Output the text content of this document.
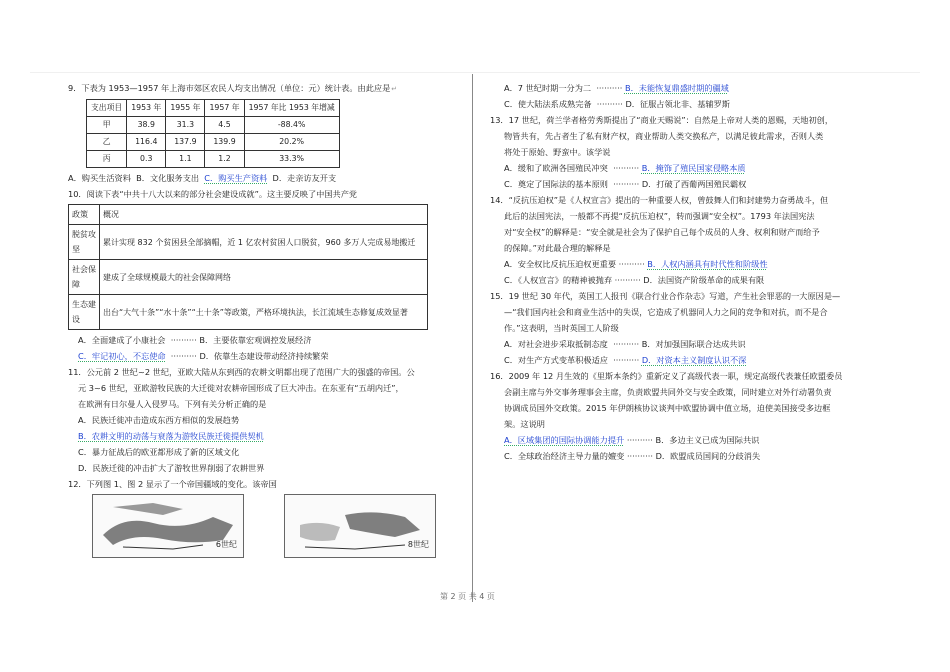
9．下表为 1953—1957 年上海市郊区农民人均支出情况（单位：元）统计表。由此应是↵
支出项目	1953 年	1955 年	1957 年	1957 年比 1953 年增减
甲	38.9	31.3	4.5	-88.4%
乙	116.4	137.9	139.9	20.2%
丙	0.3	1.1	1.2	33.3%
A．购买生活资料 B．文化服务支出 C．购买生产资料 D．走亲访友开支
10．阅读下表“中共十八大以来的部分社会建设成就”。这主要反映了中国共产党
政策	概况
脱贫攻坚	累计实现 832 个贫困县全部摘帽，近 1 亿农村贫困人口脱贫，960 多万人完成易地搬迁
社会保障	建成了全球规模最大的社会保障网络
生态建设	出台“大气十条”“水十条”“土十条”等政策，严格环境执法，长江流域生态修复成效显著
A．全面建成了小康社会  ·········· B．主要依靠宏观调控发展经济
C．牢记初心，不忘使命  ·········· D．依靠生态建设带动经济持续繁荣
11．公元前 2 世纪~2 世纪，亚欧大陆从东到西的农耕文明都出现了范围广大的强盛的帝国。公
元 3~6 世纪，亚欧游牧民族的大迁徙对农耕帝国形成了巨大冲击。在东亚有“五胡内迁”，
在欧洲有日尔曼人入侵罗马。下列有关分析正确的是
A．民族迁徙冲击造成东西方相似的发展趋势
B．农耕文明的动荡与衰落为游牧民族迁徙提供契机
C．暴力征战后的欧亚都形成了新的区域文化
D．民族迁徙的冲击扩大了游牧世界削弱了农耕世界
12．下列图 1、图 2 显示了一个帝国疆域的变化。该帝国
6世纪	8世纪
A．7 世纪时期一分为二  ·········· B．未能恢复鼎盛时期的疆域
C．使大陆法系成熟完备  ·········· D．征服占领北非、基辅罗斯
13．17 世纪，荷兰学者格劳秀斯提出了“商业天赐说”：自然是上帝对人类的恩赐，天地初创，
物皆共有，先占者生了私有财产权，商业帮助人类交换私产，以满足彼此需求，否则人类
将处于原始、野蛮中。该学说
A．缓和了欧洲各国殖民冲突  ·········· B．掩饰了殖民国家侵略本质
C．奠定了国际法的基本原则  ·········· D．打破了西葡两国殖民霸权
14．“反抗压迫权”是《人权宣言》提出的一种重要人权，曾鼓舞人们和封建势力奋勇战斗，但
此后的法国宪法，一般都不再提“反抗压迫权”，转而强调“安全权”。1793 年法国宪法
对“安全权”的解释是：“安全就是社会为了保护自己每个成员的人身、权利和财产而给予
的保障。”对此最合理的解释是
A．安全权比反抗压迫权更重要 ·········· B．人权内涵具有时代性和阶级性
C．《人权宣言》的精神被抛弃 ·········· D．法国资产阶级革命的成果有限
15．19 世纪 30 年代，英国工人报刊《联合行业合作杂志》写道，产生社会罪恶的一大原因是—
—“我们国内社会和商业生活中的失误，它造成了机器同人力之间的竞争和对抗，而不是合
作。”这表明，当时英国工人阶级
A．对社会进步采取抵制态度  ·········· B．对加强国际联合达成共识
C．对生产方式变革积极适应  ·········· D．对资本主义制度认识不深
16．2009 年 12 月生效的《里斯本条约》重新定义了高级代表一职，规定高级代表兼任欧盟委员
会副主席与外交事务理事会主席，负责欧盟共同外交与安全政策，同时建立对外行动署负责
协调成员国外交政策。2015 年伊朗核协议谈判中欧盟协调中值立场，迫使美国接受多边框
架。这说明
A．区域集团的国际协调能力提升 ·········· B．多边主义已成为国际共识
C．全球政治经济主导力量的嬗变 ·········· D．欧盟成员国间的分歧消失
第 2 页 共 4 页
